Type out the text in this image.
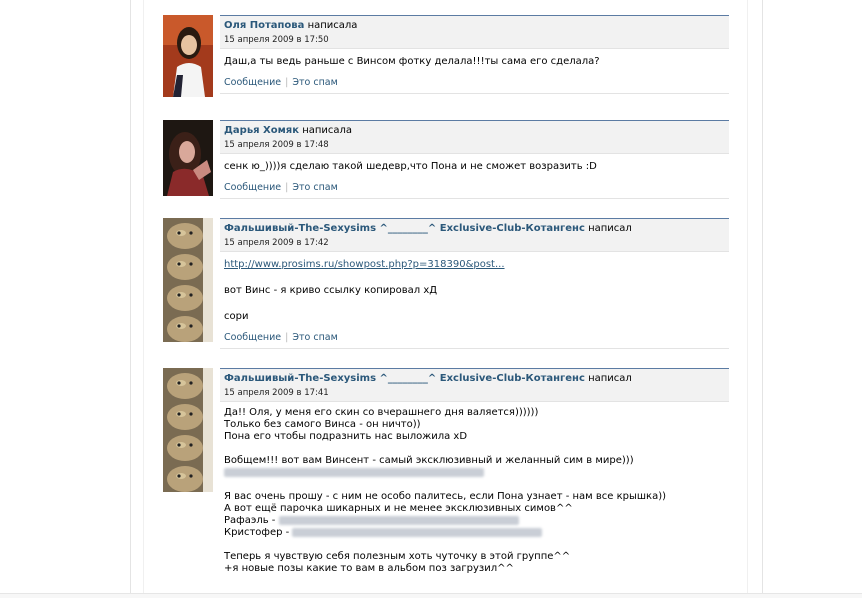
Оля Потапова написала
15 апреля 2009 в 17:50

Даш,а ты ведь раньше с Винсом фотку делала!!!ты сама его сделала?

Сообщение | Это спам
Дарья Хомяк написала
15 апреля 2009 в 17:48

сенк ю_))))я сделаю такой шедевр,что Пона и не сможет возразить :D

Сообщение | Это спам
Фальшивый-The-Sexysims ^________^ Exclusive-Club-Котангенс написал
15 апреля 2009 в 17:42

http://www.prosims.ru/showpost.php?p=318390&post...

вот Винс - я криво ссылку копировал хД

сори

Сообщение | Это спам
Фальшивый-The-Sexysims ^________^ Exclusive-Club-Котангенс написал
15 апреля 2009 в 17:41

Да!! Оля, у меня его скин со вчерашнего дня валяется))))))

Только без самого Винса - он ничто))

Пона его чтобы подразнить нас выложила xD

Вобщем!!! вот вам Винсент - самый эксклюзивный и желанный сим в мире)))

Я вас очень прошу - с ним не особо палитесь, если Пона узнает - нам все крышка))

А вот ещё парочка шикарных и не менее эксклюзивных симов^^

Рафаэль -

Кристофер -

Теперь я чувствую себя полезным хоть чуточку в этой группе^^

+я новые позы какие то вам в альбом поз загрузил^^
